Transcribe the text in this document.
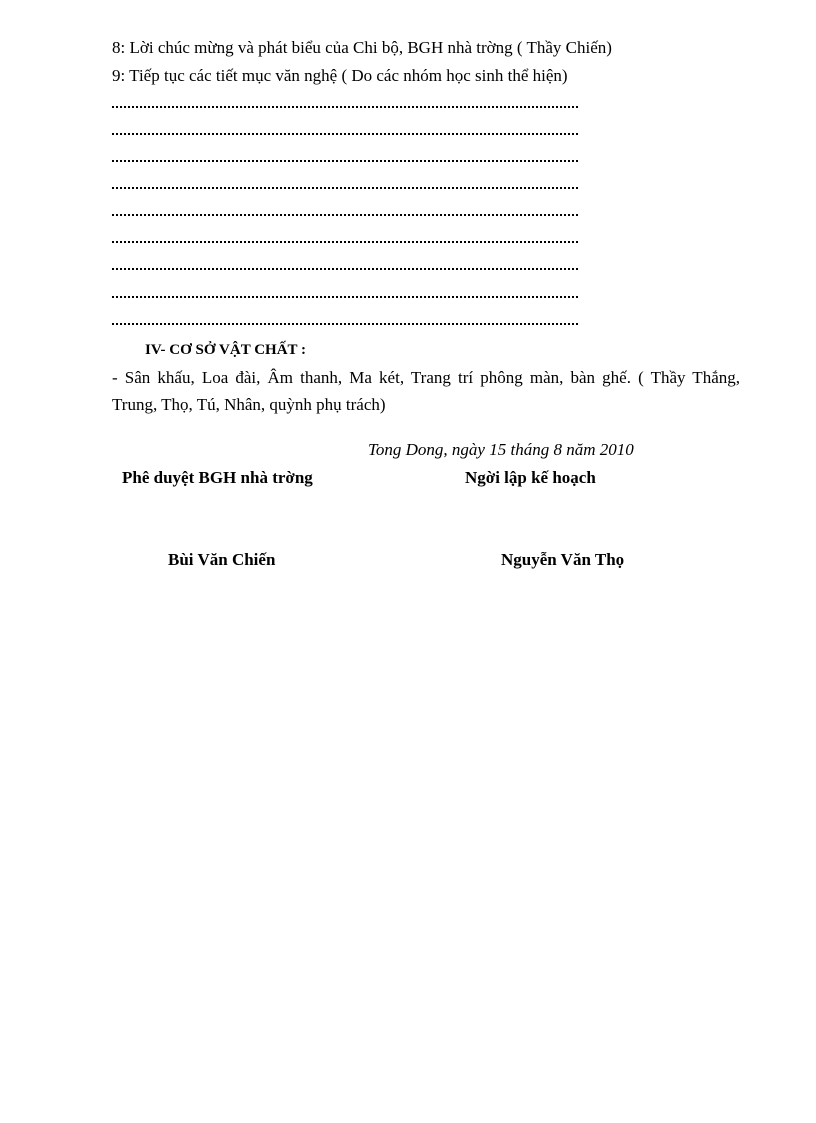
8: Lời chúc mừng và phát biểu của Chi bộ, BGH nhà trờng ( Thầy Chiến)
9: Tiếp tục các tiết mục văn nghệ ( Do các nhóm học sinh thể hiện)
IV- CƠ SỞ VẬT CHẤT :
- Sân khấu, Loa đài, Âm thanh, Ma két, Trang trí phông màn, bàn ghế. ( Thầy Thắng, Trung, Thọ, Tú, Nhân, quỳnh phụ trách)
Tong Dong, ngày 15 tháng 8 năm 2010
Phê duyệt BGH nhà trờng	Ngời lập kế hoạch
Bùi Văn Chiến	Nguyễn Văn Thọ
